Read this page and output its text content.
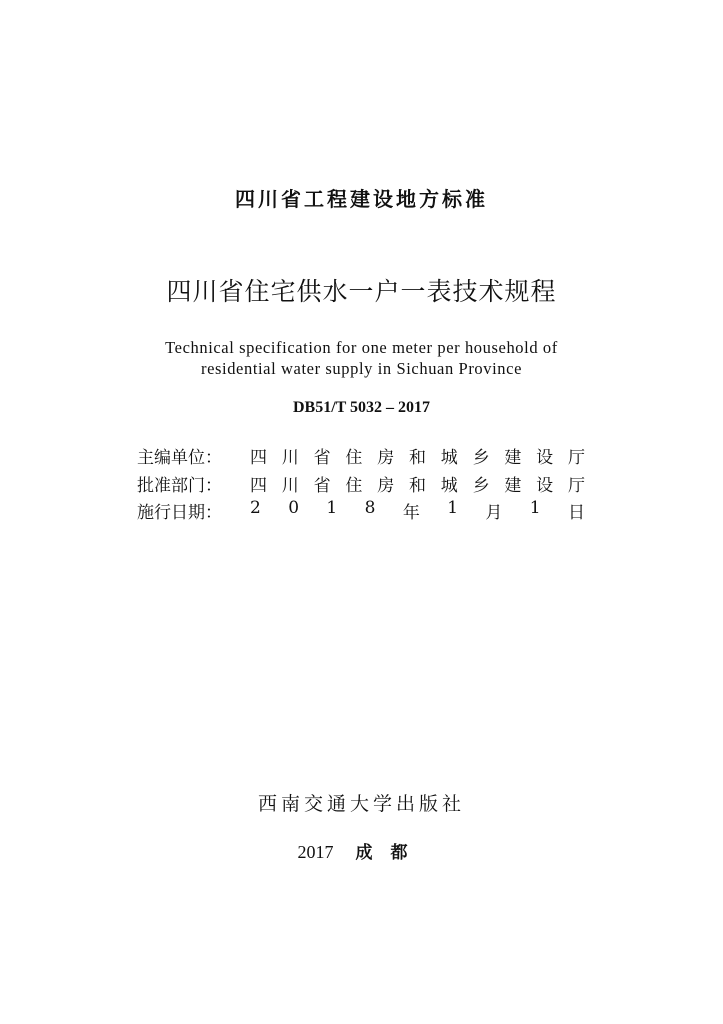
四川省工程建设地方标准
四川省住宅供水一户一表技术规程
Technical specification for one meter per household of
residential water supply in Sichuan Province
DB51/T 5032 – 2017
主编单位：	四 川 省 住 房 和 城 乡 建 设 厅
批准部门：	四 川 省 住 房 和 城 乡 建 设 厅
施行日期：	2 0 1 8 年 1 月 1 日
西南交通大学出版社
2017 成都
